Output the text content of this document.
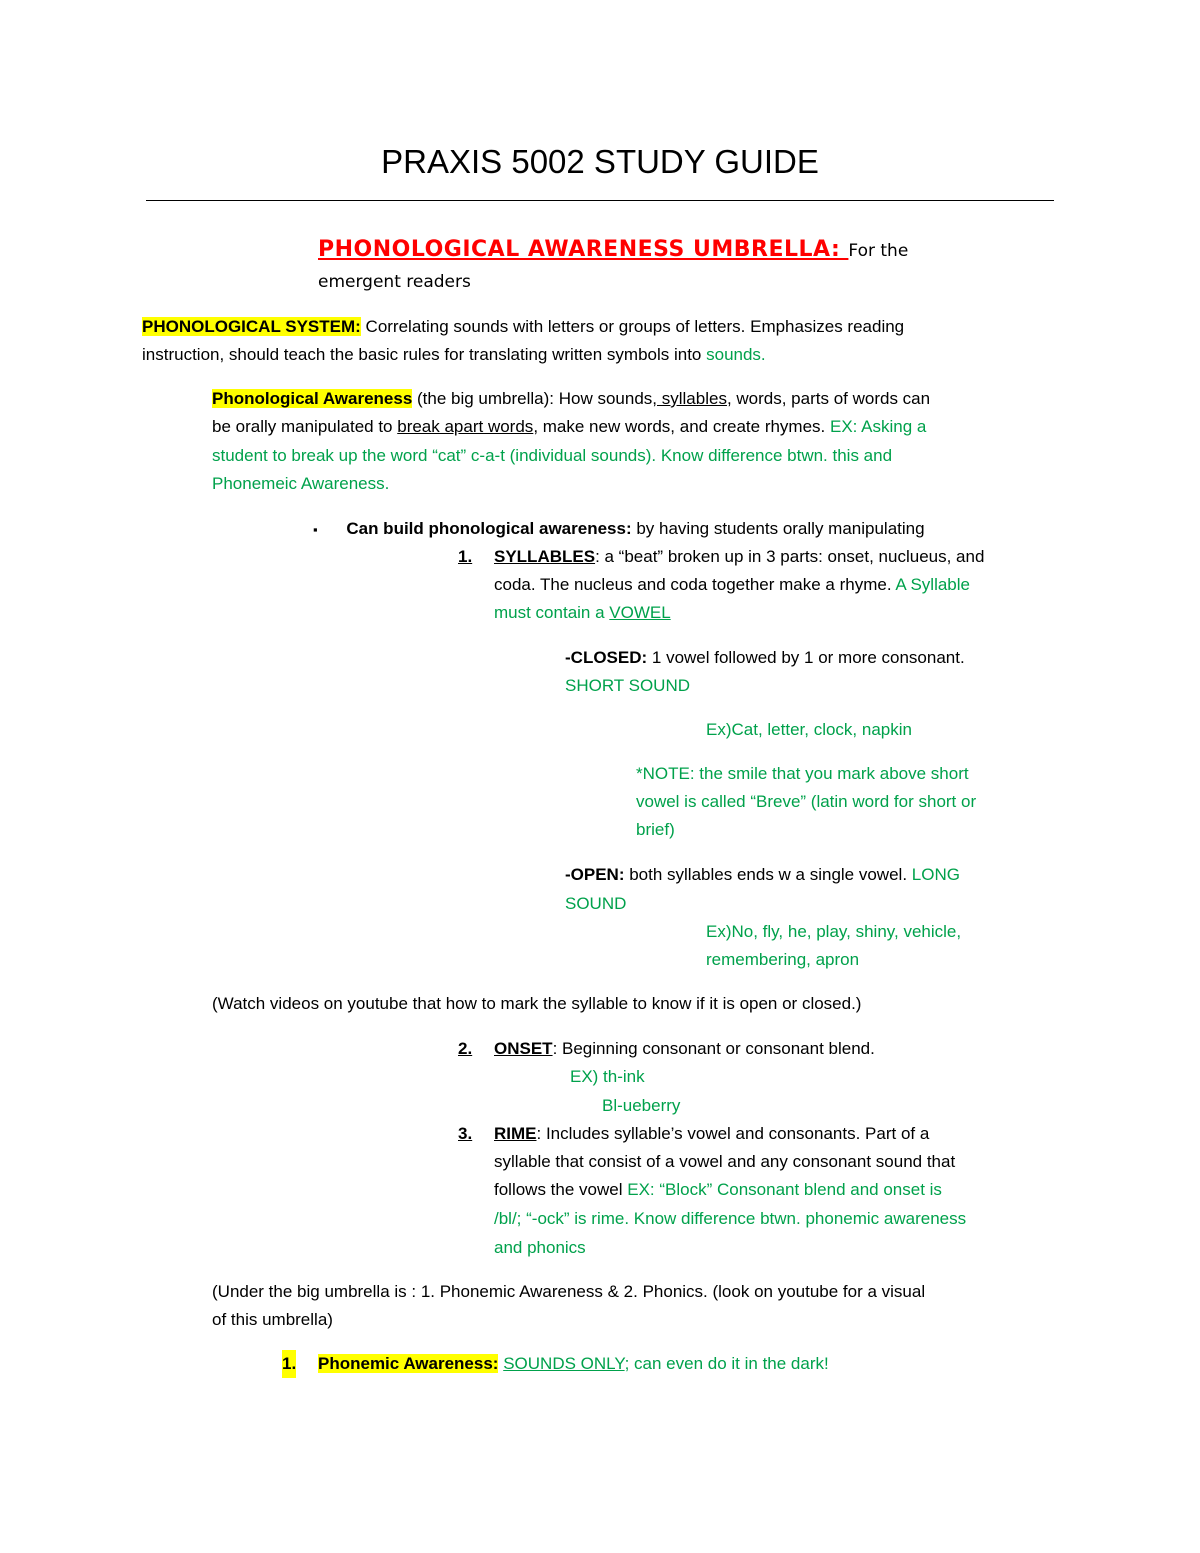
PRAXIS 5002 STUDY GUIDE
PHONOLOGICAL AWARENESS UMBRELLA: For the
emergent readers
PHONOLOGICAL SYSTEM: Correlating sounds with letters or groups of letters. Emphasizes reading
instruction, should teach the basic rules for translating written symbols into sounds.
Phonological Awareness (the big umbrella): How sounds, syllables, words, parts of words can
be orally manipulated to break apart words, make new words, and create rhymes. EX: Asking a
student to break up the word “cat” c-a-t (individual sounds). Know difference btwn. this and
Phonemeic Awareness.
▪ Can build phonological awareness: by having students orally manipulating
1. SYLLABLES: a “beat” broken up in 3 parts: onset, nuclueus, and
coda. The nucleus and coda together make a rhyme. A Syllable
must contain a VOWEL
-CLOSED: 1 vowel followed by 1 or more consonant.
SHORT SOUND
Ex)Cat, letter, clock, napkin
*NOTE: the smile that you mark above short
vowel is called “Breve” (latin word for short or
brief)
-OPEN: both syllables ends w a single vowel. LONG
SOUND
Ex)No, fly, he, play, shiny, vehicle,
remembering, apron
(Watch videos on youtube that how to mark the syllable to know if it is open or closed.)
2. ONSET: Beginning consonant or consonant blend.
EX) th-ink
Bl-ueberry
3. RIME: Includes syllable’s vowel and consonants. Part of a
syllable that consist of a vowel and any consonant sound that
follows the vowel EX: “Block” Consonant blend and onset is
/bl/; “-ock” is rime. Know difference btwn. phonemic awareness
and phonics
(Under the big umbrella is : 1. Phonemic Awareness & 2. Phonics. (look on youtube for a visual
of this umbrella)
1. Phonemic Awareness: SOUNDS ONLY; can even do it in the dark!
